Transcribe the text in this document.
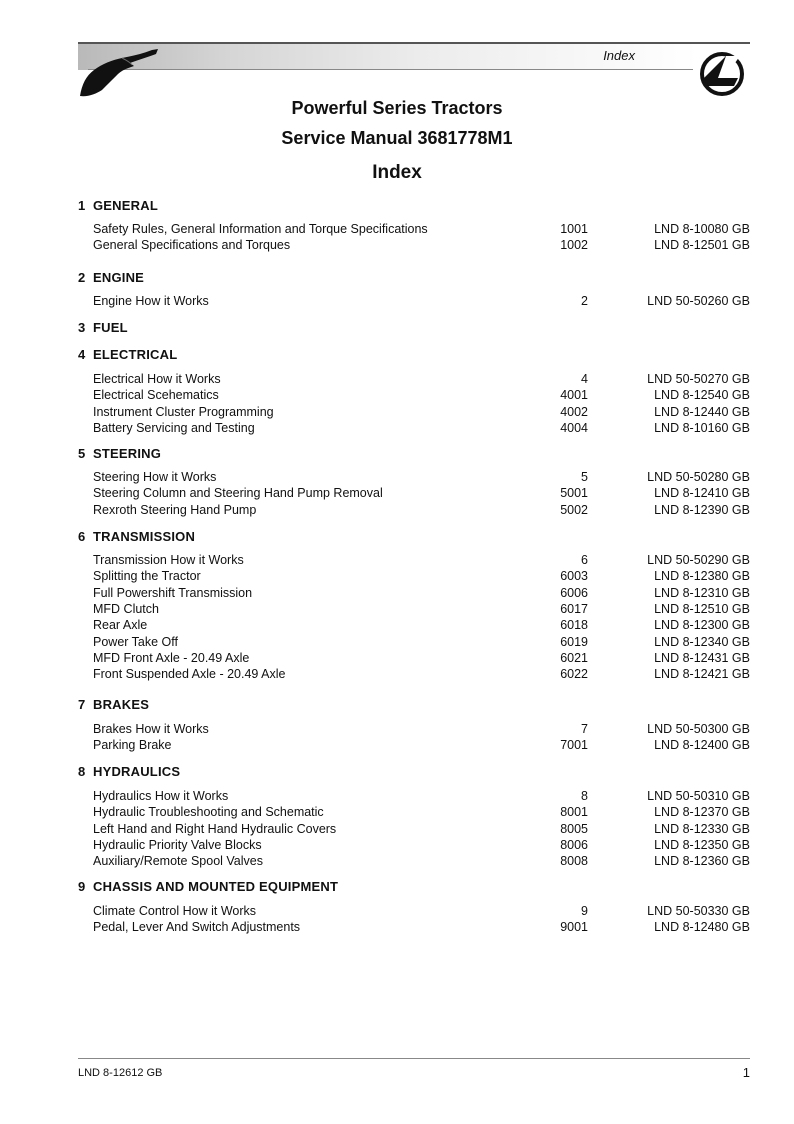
Index
Powerful Series Tractors
Service Manual 3681778M1
Index
1 GENERAL
Safety Rules, General Information and Torque Specifications .....	1001	LND 8-10080 GB
General Specifications and Torques .....	1002	LND 8-12501 GB
2 ENGINE
Engine How it Works .....	2	LND 50-50260 GB
3 FUEL
4 ELECTRICAL
Electrical How it Works .....	4	LND 50-50270 GB
Electrical Scehematics .....	4001	LND 8-12540 GB
Instrument Cluster Programming .....	4002	LND 8-12440 GB
Battery Servicing and Testing .....	4004	LND 8-10160 GB
5 STEERING
Steering How it Works .....	5	LND 50-50280 GB
Steering Column and Steering Hand Pump Removal .....	5001	LND 8-12410 GB
Rexroth Steering Hand Pump .....	5002	LND 8-12390 GB
6 TRANSMISSION
Transmission How it Works .....	6	LND 50-50290 GB
Splitting the Tractor .....	6003	LND 8-12380 GB
Full Powershift Transmission .....	6006	LND 8-12310 GB
MFD Clutch .....	6017	LND 8-12510 GB
Rear Axle .....	6018	LND 8-12300 GB
Power Take Off .....	6019	LND 8-12340 GB
MFD Front Axle - 20.49 Axle .....	6021	LND 8-12431 GB
Front Suspended Axle - 20.49 Axle .....	6022	LND 8-12421 GB
7 BRAKES
Brakes How it Works .....	7	LND 50-50300 GB
Parking Brake .....	7001	LND 8-12400 GB
8 HYDRAULICS
Hydraulics How it Works .....	8	LND 50-50310 GB
Hydraulic Troubleshooting and Schematic .....	8001	LND 8-12370 GB
Left Hand and Right Hand Hydraulic Covers .....	8005	LND 8-12330 GB
Hydraulic Priority Valve Blocks .....	8006	LND 8-12350 GB
Auxiliary/Remote Spool Valves .....	8008	LND 8-12360 GB
9 CHASSIS AND MOUNTED EQUIPMENT
Climate Control How it Works .....	9	LND 50-50330 GB
Pedal, Lever And Switch Adjustments .....	9001	LND 8-12480 GB
LND 8-12612 GB	1
